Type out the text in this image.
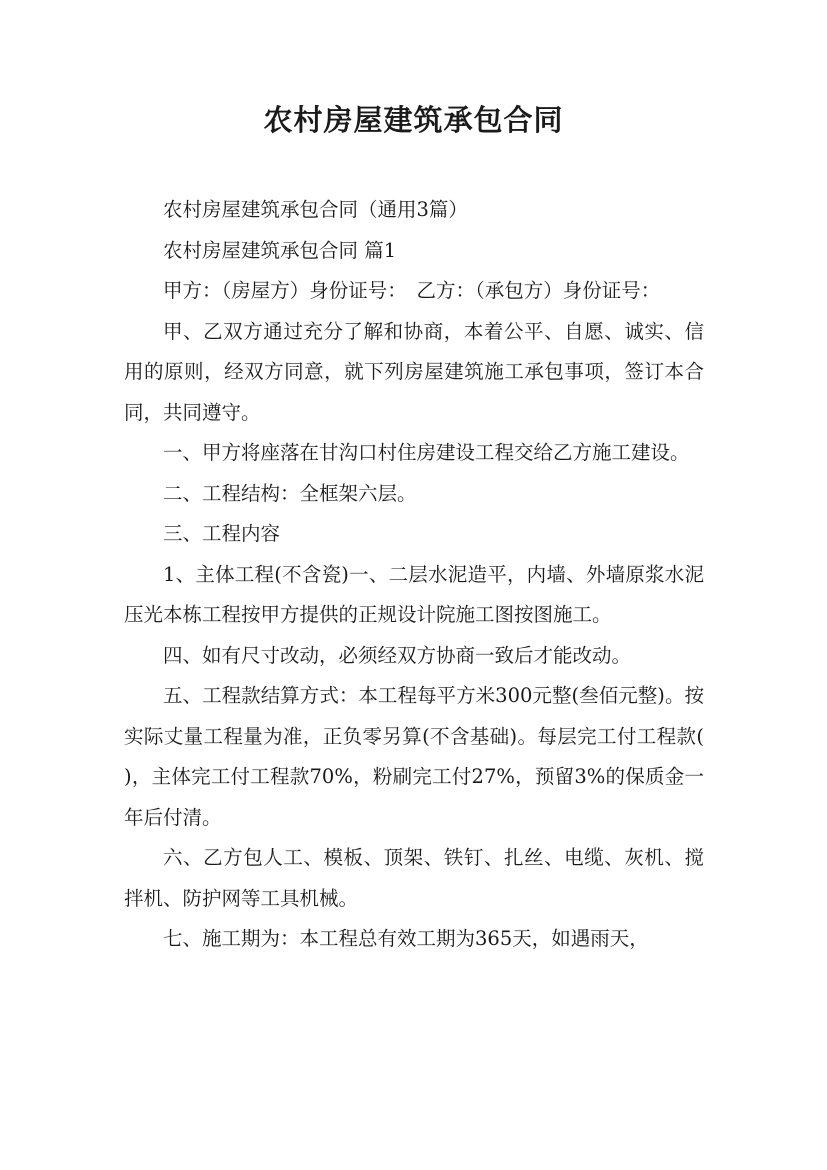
农村房屋建筑承包合同

农村房屋建筑承包合同（通用3篇）

农村房屋建筑承包合同 篇1

甲方：（房屋方）身份证号：　乙方：（承包方）身份证号：

甲、乙双方通过充分了解和协商，本着公平、自愿、诚实、信用的原则，经双方同意，就下列房屋建筑施工承包事项，签订本合同，共同遵守。

一、甲方将座落在甘沟口村住房建设工程交给乙方施工建设。

二、工程结构：全框架六层。

三、工程内容

1、主体工程(不含瓷)一、二层水泥造平，内墙、外墙原浆水泥压光本栋工程按甲方提供的正规设计院施工图按图施工。

四、如有尺寸改动，必须经双方协商一致后才能改动。

五、工程款结算方式：本工程每平方米300元整(叁佰元整)。按实际丈量工程量为准，正负零另算(不含基础)。每层完工付工程款( )，主体完工付工程款70%，粉刷完工付27%，预留3%的保质金一年后付清。

六、乙方包人工、模板、顶架、铁钉、扎丝、电缆、灰机、搅拌机、防护网等工具机械。

七、施工期为：本工程总有效工期为365天，如遇雨天，
